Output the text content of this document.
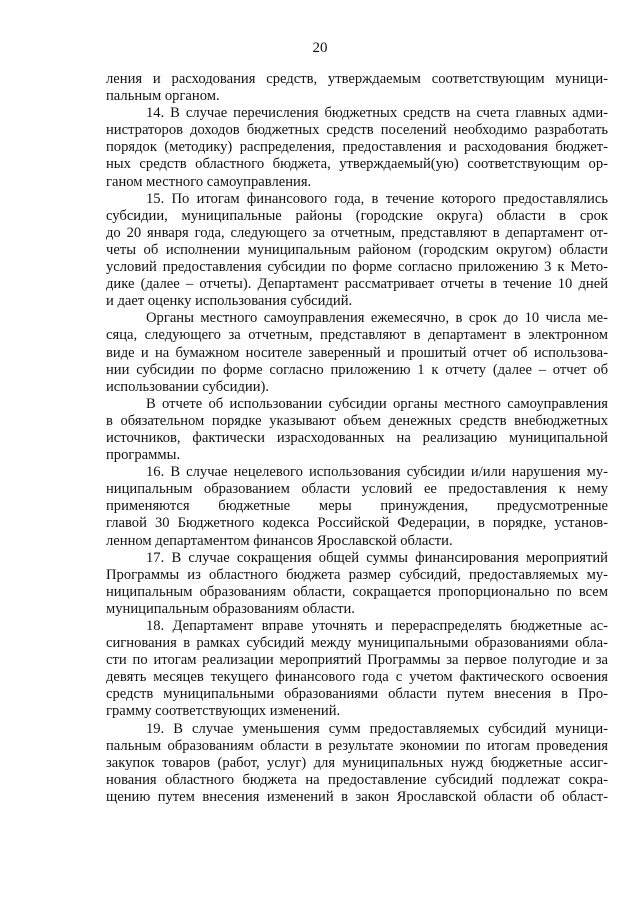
20
ления и расходования средств, утверждаемым соответствующим муници-
пальным органом.
14. В случае перечисления бюджетных средств на счета главных адми-
нистраторов доходов бюджетных средств поселений необходимо разработать
порядок (методику) распределения, предоставления и расходования бюджет-
ных средств областного бюджета, утверждаемый(ую) соответствующим ор-
ганом местного самоуправления.
15. По итогам финансового года, в течение которого предоставлялись
субсидии, муниципальные районы (городские округа) области в срок
до 20 января года, следующего за отчетным, представляют в департамент от-
четы об исполнении муниципальным районом (городским округом) области
условий предоставления субсидии по форме согласно приложению 3 к Мето-
дике (далее – отчеты). Департамент рассматривает отчеты в течение 10 дней
и дает оценку использования субсидий.
Органы местного самоуправления ежемесячно, в срок до 10 числа ме-
сяца, следующего за отчетным, представляют в департамент в электронном
виде и на бумажном носителе заверенный и прошитый отчет об использова-
нии субсидии по форме согласно приложению 1 к отчету (далее – отчет об
использовании субсидии).
В отчете об использовании субсидии органы местного самоуправления
в обязательном порядке указывают объем денежных средств внебюджетных
источников, фактически израсходованных на реализацию муниципальной
программы.
16. В случае нецелевого использования субсидии и/или нарушения му-
ниципальным образованием области условий ее предоставления к нему
применяются бюджетные меры принуждения, предусмотренные
главой 30 Бюджетного кодекса Российской Федерации, в порядке, установ-
ленном департаментом финансов Ярославской области.
17. В случае сокращения общей суммы финансирования мероприятий
Программы из областного бюджета размер субсидий, предоставляемых му-
ниципальным образованиям области, сокращается пропорционально по всем
муниципальным образованиям области.
18. Департамент вправе уточнять и перераспределять бюджетные ас-
сигнования в рамках субсидий между муниципальными образованиями обла-
сти по итогам реализации мероприятий Программы за первое полугодие и за
девять месяцев текущего финансового года с учетом фактического освоения
средств муниципальными образованиями области путем внесения в Про-
грамму соответствующих изменений.
19. В случае уменьшения сумм предоставляемых субсидий муници-
пальным образованиям области в результате экономии по итогам проведения
закупок товаров (работ, услуг) для муниципальных нужд бюджетные ассиг-
нования областного бюджета на предоставление субсидий подлежат сокра-
щению путем внесения изменений в закон Ярославской области об област-
